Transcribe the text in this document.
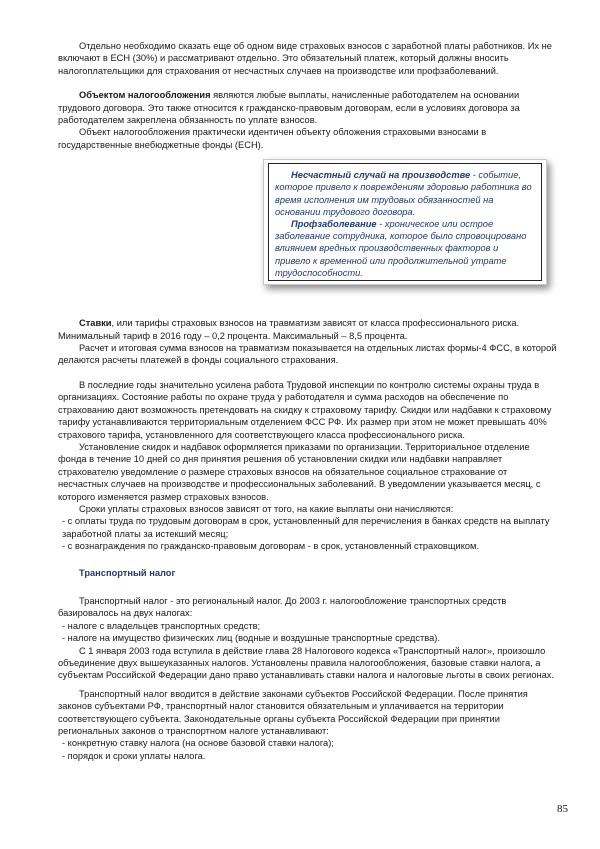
Отдельно необходимо сказать еще об одном виде страховых взносов с заработной платы работников. Их не включают в ЕСН (30%) и рассматривают отдельно. Это обязательный платеж, который должны вносить налогоплательщики для страхования от несчастных случаев на производстве или профзаболеваний.

Объектом налогообложения являются любые выплаты, начисленные работодателем на основании трудового договора. Это также относится к гражданско-правовым договорам, если в условиях договора за работодателем закреплена обязанность по уплате взносов.

Объект налогообложения практически идентичен объекту обложения страховыми взносами в государственные внебюджетные фонды (ЕСН).

Несчастный случай на производстве - событие, которое привело к повреждениям здоровью работника во время исполнения им трудовых обязанностей на основании трудового договора.

Профзаболевание - хроническое или острое заболевание сотрудника, которое было спровоцировано влиянием вредных производственных факторов и привело к временной или продолжительной утрате трудоспособности.

Ставки, или тарифы страховых взносов на травматизм зависят от класса профессионального риска. Минимальный тариф в 2016 году – 0,2 процента. Максимальный – 8,5 процента.

Расчет и итоговая сумма взносов на травматизм показывается на отдельных листах формы-4 ФСС, в которой делаются расчеты платежей в фонды социального страхования.

В последние годы значительно усилена работа Трудовой инспекции по контролю системы охраны труда в организациях. Состояние работы по охране труда у работодателя и сумма расходов на обеспечение по страхованию дают возможность претендовать на скидку к страховому тарифу. Скидки или надбавки к страховому тарифу устанавливаются территориальным отделением ФСС РФ. Их размер при этом не может превышать 40% страхового тарифа, установленного для соответствующего класса профессионального риска.

Установление скидок и надбавок оформляется приказами по организации. Территориальное отделение фонда в течение 10 дней со дня принятия решения об установлении скидки или надбавки направляет страхователю уведомление о размере страховых взносов на обязательное социальное страхование от несчастных случаев на производстве и профессиональных заболеваний. В уведомлении указывается месяц, с которого изменяется размер страховых взносов.

Сроки уплаты страховых взносов зависят от того, на какие выплаты они начисляются:

- с оплаты труда по трудовым договорам в срок, установленный для перечисления в банках средств на выплату заработной платы за истекший месяц;

- с вознаграждения по гражданско-правовым договорам - в срок, установленный страховщиком.

Транспортный налог

Транспортный налог - это региональный налог. До 2003 г. налогообложение транспортных средств базировалось на двух налогах:

- налоге с владельцев транспортных средств;

- налоге на имущество физических лиц (водные и воздушные транспортные средства).

С 1 января 2003 года вступила в действие глава 28 Налогового кодекса «Транспортный налог», произошло объединение двух вышеуказанных налогов. Установлены правила налогообложения, базовые ставки налога, а субъектам Российской Федерации дано право устанавливать ставки налога и налоговые льготы в своих регионах.

Транспортный налог вводится в действие законами субъектов Российской Федерации. После принятия законов субъектами РФ, транспортный налог становится обязательным и уплачивается на территории соответствующего субъекта. Законодательные органы субъекта Российской Федерации при принятии региональных законов о транспортном налоге устанавливают:

- конкретную ставку налога (на основе базовой ставки налога);

- порядок и сроки уплаты налога.

85
